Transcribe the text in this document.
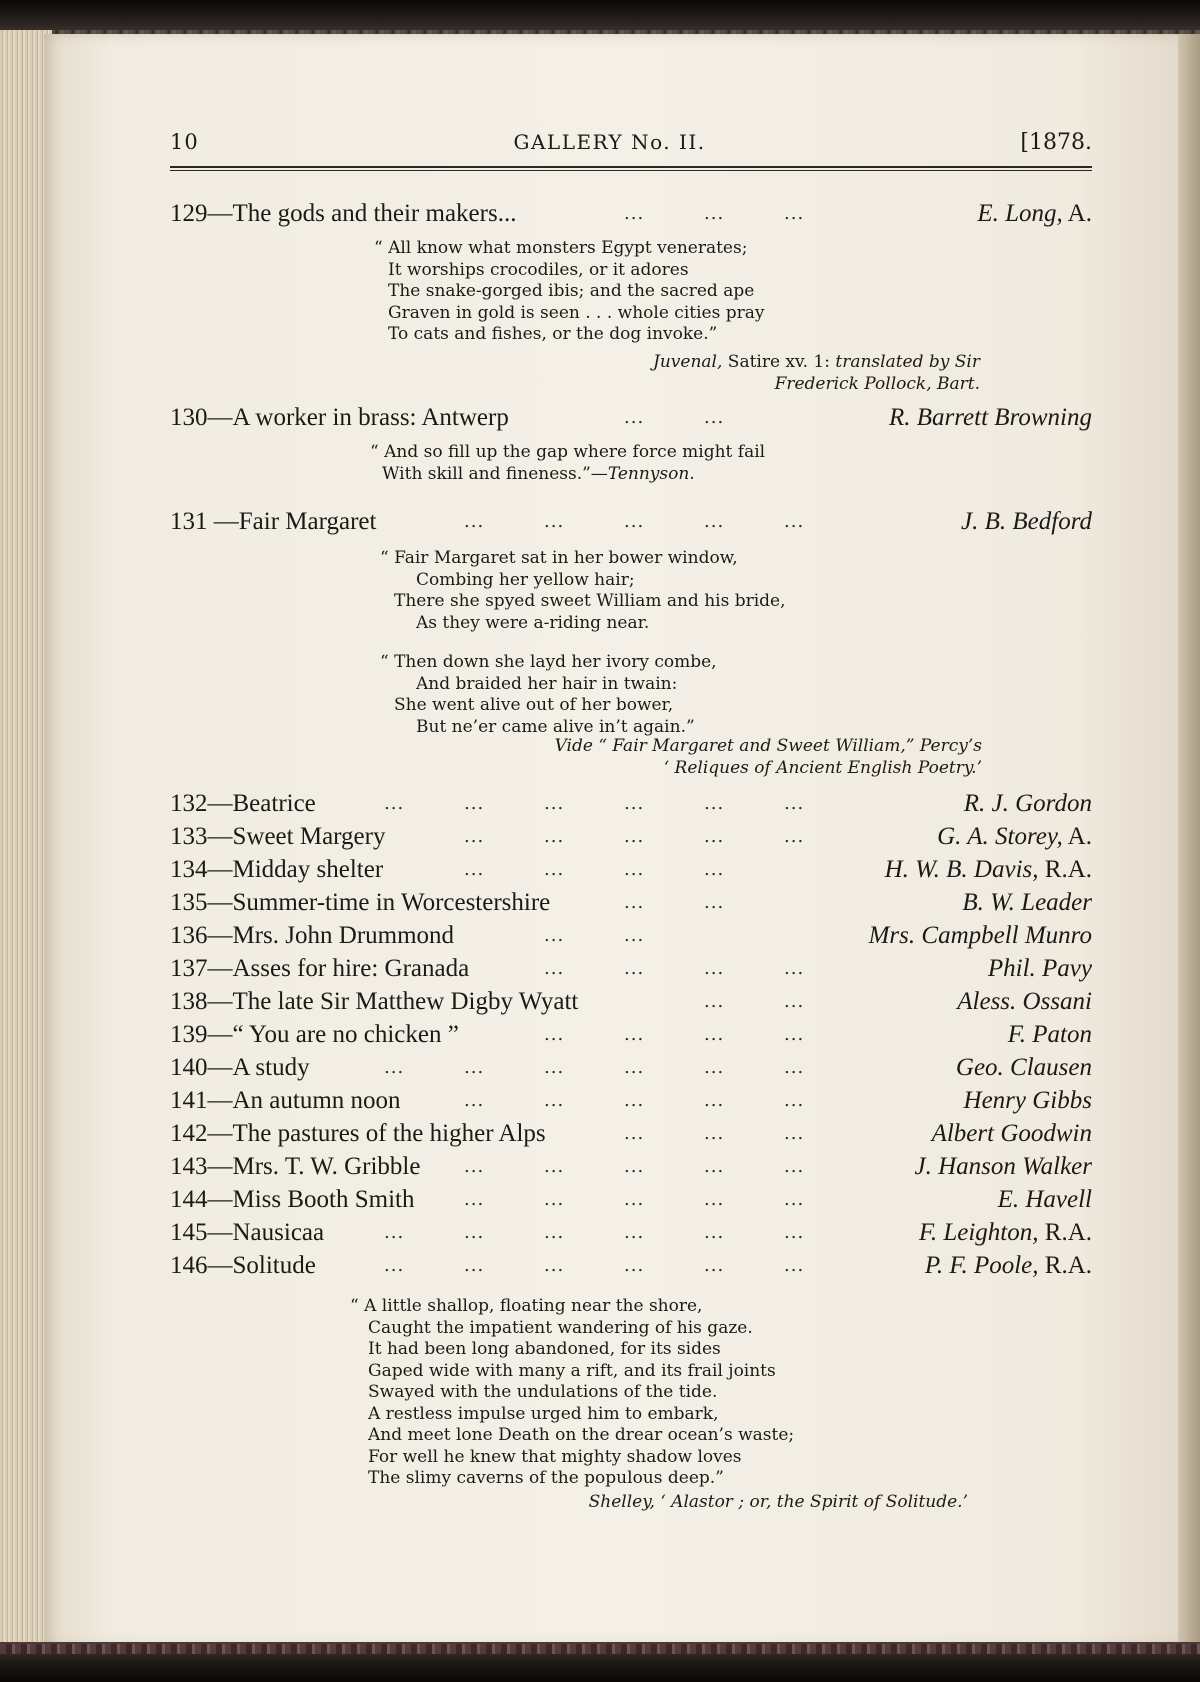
10	GALLERY No. II.	[1878.
129—The gods and their makers...	...	...	...	E. Long, A.
“ All know what monsters Egypt venerates;
It worships crocodiles, or it adores
The snake-gorged ibis; and the sacred ape
Graven in gold is seen . . . whole cities pray
To cats and fishes, or the dog invoke.”
Juvenal, Satire xv. 1: translated by Sir
Frederick Pollock, Bart.
130—A worker in brass: Antwerp	...	...	R. Barrett Browning
“ And so fill up the gap where force might fail
With skill and fineness.”—Tennyson.
131 —Fair Margaret	...	...	...	...	...	J. B. Bedford
“ Fair Margaret sat in her bower window,
Combing her yellow hair;
There she spyed sweet William and his bride,
As they were a-riding near.
“ Then down she layd her ivory combe,
And braided her hair in twain:
She went alive out of her bower,
But ne’er came alive in’t again.”
Vide “ Fair Margaret and Sweet William,” Percy’s
‘ Reliques of Ancient English Poetry.’
132—Beatrice	...	...	...	...	...	...	R. J. Gordon
133—Sweet Margery	...	...	...	...	...	G. A. Storey, A.
134—Midday shelter	...	...	...	...	H. W. B. Davis, R.A.
135—Summer-time in Worcestershire	...	...	B. W. Leader
136—Mrs. John Drummond	...	...	Mrs. Campbell Munro
137—Asses for hire: Granada	...	...	...	...	Phil. Pavy
138—The late Sir Matthew Digby Wyatt	...	...	Aless. Ossani
139—“ You are no chicken ”	...	...	...	...	F. Paton
140—A study	...	...	...	...	...	...	Geo. Clausen
141—An autumn noon	...	...	...	...	...	Henry Gibbs
142—The pastures of the higher Alps	...	...	...	Albert Goodwin
143—Mrs. T. W. Gribble ...	...	...	...	...	J. Hanson Walker
144—Miss Booth Smith	...	...	...	...	...	E. Havell
145—Nausicaa	...	...	...	...	...	...	F. Leighton, R.A.
146—Solitude	...	...	...	...	...	...	P. F. Poole, R.A.
“ A little shallop, floating near the shore,
Caught the impatient wandering of his gaze.
It had been long abandoned, for its sides
Gaped wide with many a rift, and its frail joints
Swayed with the undulations of the tide.
A restless impulse urged him to embark,
And meet lone Death on the drear ocean’s waste;
For well he knew that mighty shadow loves
The slimy caverns of the populous deep.”
Shelley, ‘ Alastor ; or, the Spirit of Solitude.’
